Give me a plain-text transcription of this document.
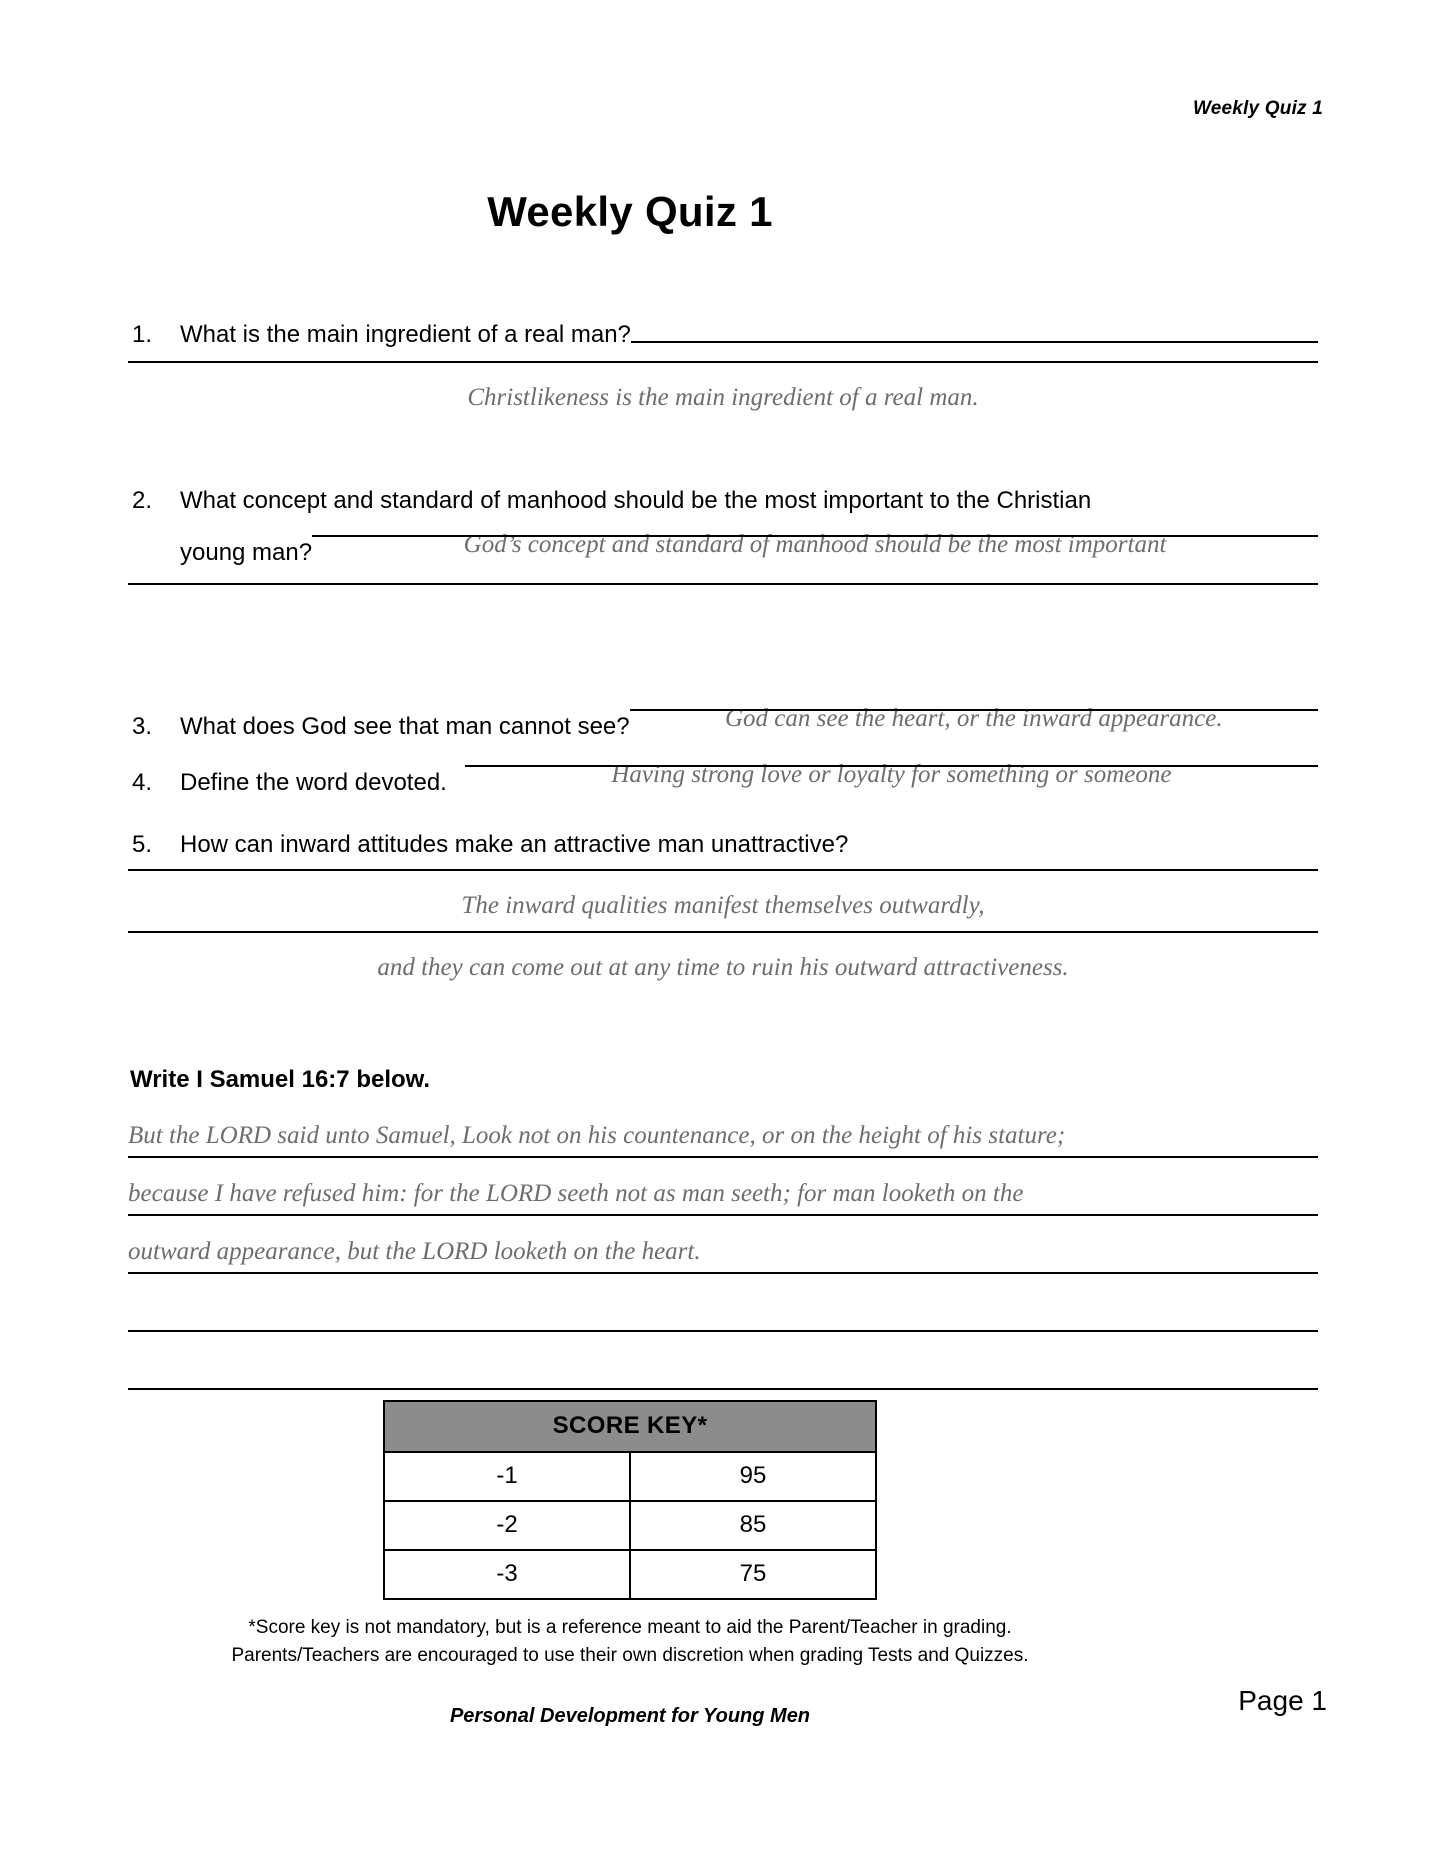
Weekly Quiz 1
Weekly Quiz 1
1.	What is the main ingredient of a real man?
Christlikeness is the main ingredient of a real man.
2.	What concept and standard of manhood should be the most important to the Christian
young man?	God’s concept and standard of manhood should be the most important
3.	What does God see that man cannot see?	God can see the heart, or the inward appearance.
4.	Define the word devoted.	Having strong love or loyalty for something or someone
5.	How can inward attitudes make an attractive man unattractive?
The inward qualities manifest themselves outwardly,
and they can come out at any time to ruin his outward attractiveness.
Write I Samuel 16:7 below.
But the LORD said unto Samuel, Look not on his countenance, or on the height of his stature;
because I have refused him: for the LORD seeth not as man seeth; for man looketh on the
outward appearance, but the LORD looketh on the heart.
SCORE KEY*	
-1	95
-2	85
-3	75
*Score key is not mandatory, but is a reference meant to aid the Parent/Teacher in grading.
Parents/Teachers are encouraged to use their own discretion when grading Tests and Quizzes.
Personal Development for Young Men	Page 1
